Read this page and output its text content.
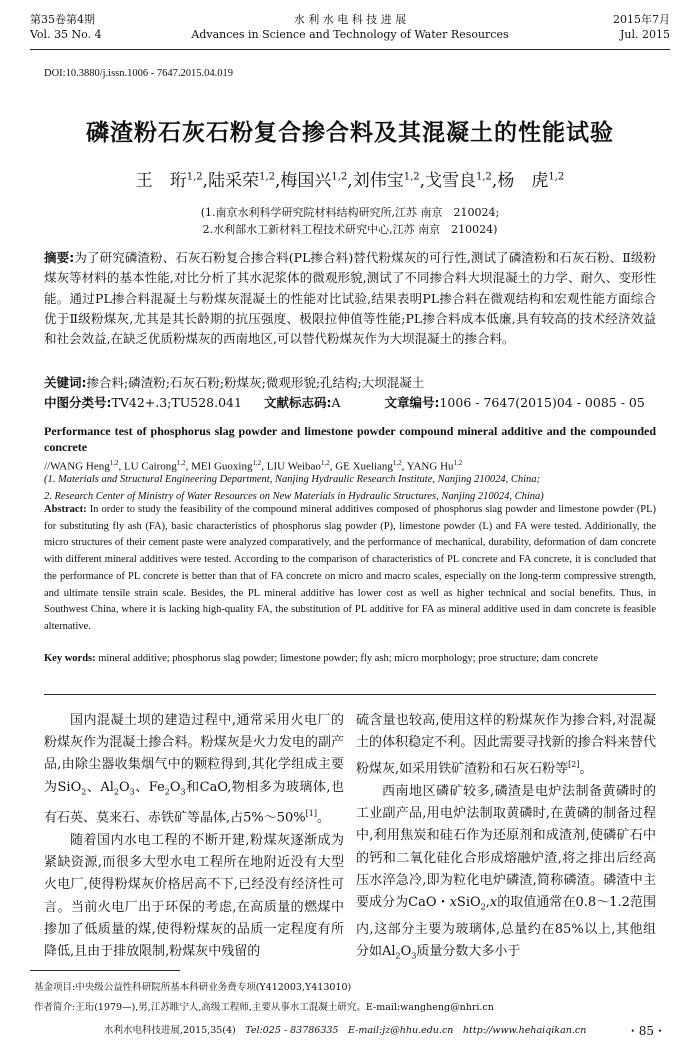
第35卷第4期
Vol. 35 No. 4
水 利 水 电 科 技 进 展
Advances in Science and Technology of Water Resources
2015年7月
Jul. 2015
DOI:10.3880/j.issn.1006 - 7647.2015.04.019
磷渣粉石灰石粉复合掺合料及其混凝土的性能试验
王　珩$^{1,2}$,陆采荣$^{1,2}$,梅国兴$^{1,2}$,刘伟宝$^{1,2}$,戈雪良$^{1,2}$,杨　虎$^{1,2}$
(1.南京水利科学研究院材料结构研究所,江苏 南京　210024;
2.水利部水工新材料工程技术研究中心,江苏 南京　210024)
摘要:为了研究磷渣粉、石灰石粉复合掺合料(PL掺合料)替代粉煤灰的可行性,测试了磷渣粉和石灰石粉、Ⅱ级粉煤灰等材料的基本性能,对比分析了其水泥浆体的微观形貌,测试了不同掺合料大坝混凝土的力学、耐久、变形性能。通过PL掺合料混凝土与粉煤灰混凝土的性能对比试验,结果表明PL掺合料在微观结构和宏观性能方面综合优于Ⅱ级粉煤灰,尤其是其长龄期的抗压强度、极限拉伸值等性能;PL掺合料成本低廉,具有较高的技术经济效益和社会效益,在缺乏优质粉煤灰的西南地区,可以替代粉煤灰作为大坝混凝土的掺合料。
关键词:掺合料;磷渣粉;石灰石粉;粉煤灰;微观形貌;孔结构;大坝混凝土
中图分类号:TV42+.3;TU528.041 文献标志码:A	文章编号:1006 - 7647(2015)04 - 0085 - 05
Performance test of phosphorus slag powder and limestone powder compound mineral additive and the compounded concrete
//WANG Heng$^{1,2}$, LU Cairong$^{1,2}$, MEI Guoxing$^{1,2}$, LIU Weibao$^{1,2}$, GE Xueliang$^{1,2}$, YANG Hu$^{1,2}$
(1. Materials and Structural Engineering Department, Nanjing Hydraulic Research Institute, Nanjing 210024, China;
2. Research Center of Ministry of Water Resources on New Materials in Hydraulic Structures, Nanjing 210024, China)
Abstract: In order to study the feasibility of the compound mineral additives composed of phosphorus slag powder and limestone powder (PL) for substituting fly ash (FA), basic characteristics of phosphorus slag powder (P), limestone powder (L) and FA were tested. Additionally, the micro structures of their cement paste were analyzed comparatively, and the performance of mechanical, durability, deformation of dam concrete with different mineral additives were tested. According to the comparison of characteristics of PL concrete and FA concrete, it is concluded that the performance of PL concrete is better than that of FA concrete on micro and macro scales, especially on the long-term compressive strength, and ultimate tensile strain scale. Besides, the PL mineral additive has lower cost as well as higher technical and social benefits. Thus, in Southwest China, where it is lacking high-quality FA, the substitution of PL additive for FA as mineral additive used in dam concrete is feasible alternative.
Key words: mineral additive; phosphorus slag powder; limestone powder; fly ash; micro morphology; proe structure; dam concrete

国内混凝土坝的建造过程中,通常采用火电厂的粉煤灰作为混凝土掺合料。粉煤灰是火力发电的副产品,由除尘器收集烟气中的颗粒得到,其化学组成主要为SiO$_2$、$Al_2O_3$、$Fe_2O_3$和CaO,物相多为玻璃体,也有石英、莫来石、赤铁矿等晶体,占5%～50%[1]。

随着国内水电工程的不断开建,粉煤灰逐渐成为紧缺资源,而很多大型水电工程所在地附近没有大型火电厂,使得粉煤灰价格居高不下,已经没有经济性可言。当前火电厂出于环保的考虑,在高质量的燃煤中掺加了低质量的煤,使得粉煤灰的品质一定程度有所降低,且由于排放限制,粉煤灰中残留的

硫含量也较高,使用这样的粉煤灰作为掺合料,对混凝土的体积稳定不利。因此需要寻找新的掺合料来替代粉煤灰,如采用铁矿渣粉和石灰石粉等[2]。

西南地区磷矿较多,磷渣是电炉法制备黄磷时的工业副产品,用电炉法制取黄磷时,在黄磷的制备过程中,利用焦炭和硅石作为还原剂和成渣剂,使磷矿石中的钙和二氧化硅化合形成熔融炉渣,将之排出后经高压水淬急冷,即为粒化电炉磷渣,简称磷渣。磷渣中主要成分为CaO・xSiO$_2$,x的取值通常在0.8～1.2范围内,这部分主要为玻璃体,总量约在85%以上,其他组分如$Al_2O_3$质量分数大多小于

基金项目:中央级公益性科研院所基本科研业务费专项(Y412003,Y413010)
作者简介:王珩(1979—),男,江苏睢宁人,高级工程师,主要从事水工混凝土研究。E-mail:wangheng@nhri.cn
水利水电科技进展,2015,35(4)　 Tel:025 - 83786335　 E-mail:jz@hhu.edu.cn　 http://www.hehaiqikan.cn	・85・
